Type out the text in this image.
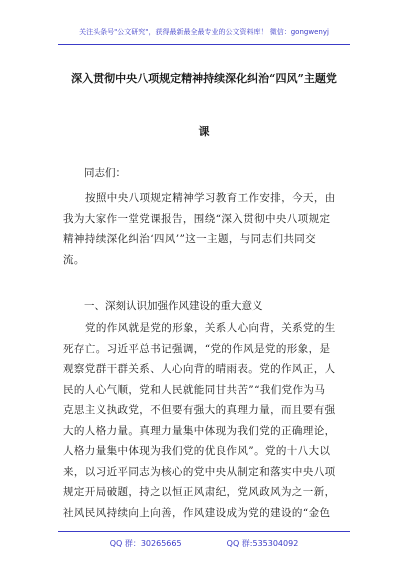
关注头条号"公文研究"，获得最新最全最专业的公文资料库！ 微信：gongwenyj
深入贯彻中央八项规定精神持续深化纠治“四风”主题党
课
同志们：
按照中央八项规定精神学习教育工作安排，今天，由
我为大家作一堂党课报告，围绕“深入贯彻中央八项规定
精神持续深化纠治‘四风’”这一主题，与同志们共同交
流。
一、深刻认识加强作风建设的重大意义
党的作风就是党的形象，关系人心向背，关系党的生
死存亡。习近平总书记强调，“党的作风是党的形象，是
观察党群干群关系、人心向背的晴雨表。党的作风正，人
民的人心气顺，党和人民就能同甘共苦”“我们党作为马
克思主义执政党，不但要有强大的真理力量，而且要有强
大的人格力量。真理力量集中体现为我们党的正确理论，
人格力量集中体现为我们党的优良作风”。党的十八大以
来，以习近平同志为核心的党中央从制定和落实中央八项
规定开局破题，持之以恒正风肃纪，党风政风为之一新，
社风民风持续向上向善，作风建设成为党的建设的“金色
QQ 群：30265665	QQ 群:535304092
